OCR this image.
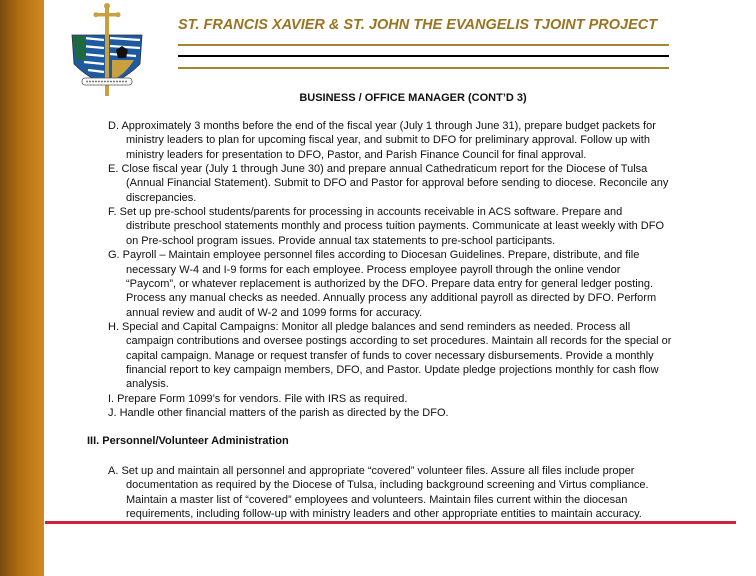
ST. FRANCIS XAVIER & ST. JOHN THE EVANGELIS TJOINT PROJECT
BUSINESS / OFFICE MANAGER (CONT’D 3)
D. Approximately 3 months before the end of the fiscal year (July 1 through June 31), prepare budget packets for
ministry leaders to plan for upcoming fiscal year, and submit to DFO for preliminary approval. Follow up with
ministry leaders for presentation to DFO, Pastor, and Parish Finance Council for final approval.
E. Close fiscal year (July 1 through June 30) and prepare annual Cathedraticum report for the Diocese of Tulsa
(Annual Financial Statement). Submit to DFO and Pastor for approval before sending to diocese. Reconcile any
discrepancies.
F. Set up pre-school students/parents for processing in accounts receivable in ACS software. Prepare and
distribute preschool statements monthly and process tuition payments. Communicate at least weekly with DFO
on Pre-school program issues. Provide annual tax statements to pre-school participants.
G. Payroll – Maintain employee personnel files according to Diocesan Guidelines. Prepare, distribute, and file
necessary W-4 and I-9 forms for each employee. Process employee payroll through the online vendor
“Paycom”, or whatever replacement is authorized by the DFO. Prepare data entry for general ledger posting.
Process any manual checks as needed. Annually process any additional payroll as directed by DFO. Perform
annual review and audit of W-2 and 1099 forms for accuracy.
H. Special and Capital Campaigns: Monitor all pledge balances and send reminders as needed. Process all
campaign contributions and oversee postings according to set procedures. Maintain all records for the special or
capital campaign. Manage or request transfer of funds to cover necessary disbursements. Provide a monthly
financial report to key campaign members, DFO, and Pastor. Update pledge projections monthly for cash flow
analysis.
I. Prepare Form 1099’s for vendors. File with IRS as required.
J. Handle other financial matters of the parish as directed by the DFO.
III. Personnel/Volunteer Administration
A. Set up and maintain all personnel and appropriate “covered” volunteer files. Assure all files include proper
documentation as required by the Diocese of Tulsa, including background screening and Virtus compliance.
Maintain a master list of “covered” employees and volunteers. Maintain files current within the diocesan
requirements, including follow-up with ministry leaders and other appropriate entities to maintain accuracy.
